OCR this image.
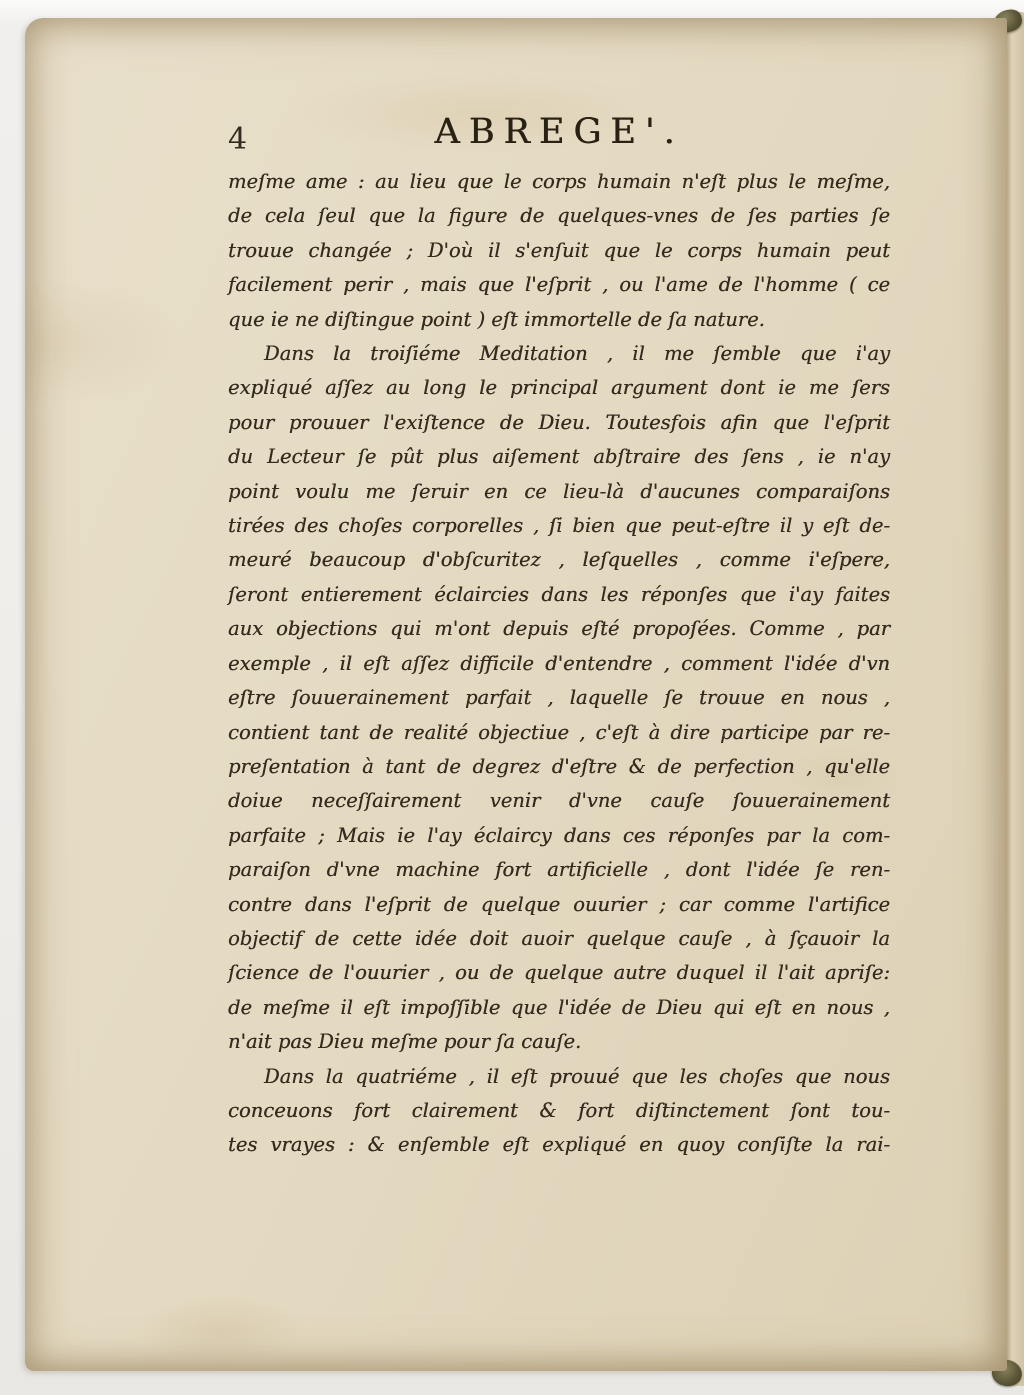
4	ABREGE'.
meſme ame : au lieu que le corps humain n'eſt plus le meſme,
de cela ſeul que la figure de quelques-vnes de ſes parties ſe
trouue changée ; D'où il s'enſuit que le corps humain peut
facilement perir , mais que l'eſprit , ou l'ame de l'homme ( ce
que ie ne diſtingue point ) eſt immortelle de ſa nature.
Dans la troiſiéme Meditation , il me ſemble que i'ay
expliqué aſſez au long le principal argument dont ie me ſers
pour prouuer l'exiſtence de Dieu. Toutesfois afin que l'eſprit
du Lecteur ſe pût plus aiſement abſtraire des ſens , ie n'ay
point voulu me ſeruir en ce lieu-là d'aucunes comparaiſons
tirées des choſes corporelles , ſi bien que peut-eſtre il y eſt de-
meuré beaucoup d'obſcuritez , leſquelles , comme i'eſpere,
ſeront entierement éclaircies dans les réponſes que i'ay faites
aux objections qui m'ont depuis eſté propoſées. Comme , par
exemple , il eſt aſſez difficile d'entendre , comment l'idée d'vn
eſtre ſouuerainement parfait , laquelle ſe trouue en nous ,
contient tant de realité objectiue , c'eſt à dire participe par re-
preſentation à tant de degrez d'eſtre & de perfection , qu'elle
doiue neceſſairement venir d'vne cauſe ſouuerainement
parfaite ; Mais ie l'ay éclaircy dans ces réponſes par la com-
paraiſon d'vne machine fort artificielle , dont l'idée ſe ren-
contre dans l'eſprit de quelque ouurier ; car comme l'artifice
objectif de cette idée doit auoir quelque cauſe , à ſçauoir la
ſcience de l'ouurier , ou de quelque autre duquel il l'ait apriſe:
de meſme il eſt impoſſible que l'idée de Dieu qui eſt en nous ,
n'ait pas Dieu meſme pour ſa cauſe.
Dans la quatriéme , il eſt prouué que les choſes que nous
conceuons fort clairement & fort diſtinctement ſont tou-
tes vrayes : & enſemble eſt expliqué en quoy conſiſte la rai-
